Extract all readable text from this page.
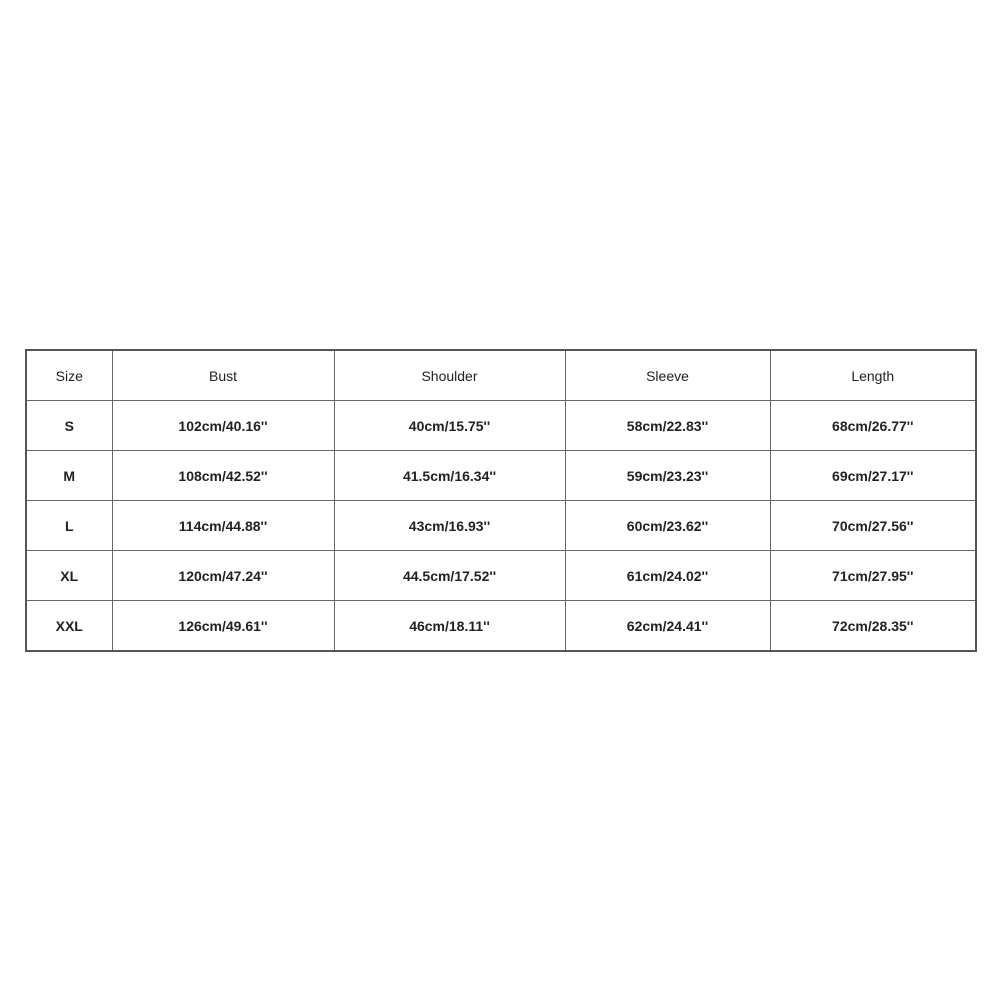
Size	Bust	Shoulder	Sleeve	Length
S	102cm/40.16''	40cm/15.75''	58cm/22.83''	68cm/26.77''
M	108cm/42.52''	41.5cm/16.34''	59cm/23.23''	69cm/27.17''
L	114cm/44.88''	43cm/16.93''	60cm/23.62''	70cm/27.56''
XL	120cm/47.24''	44.5cm/17.52''	61cm/24.02''	71cm/27.95''
XXL	126cm/49.61''	46cm/18.11''	62cm/24.41''	72cm/28.35''
